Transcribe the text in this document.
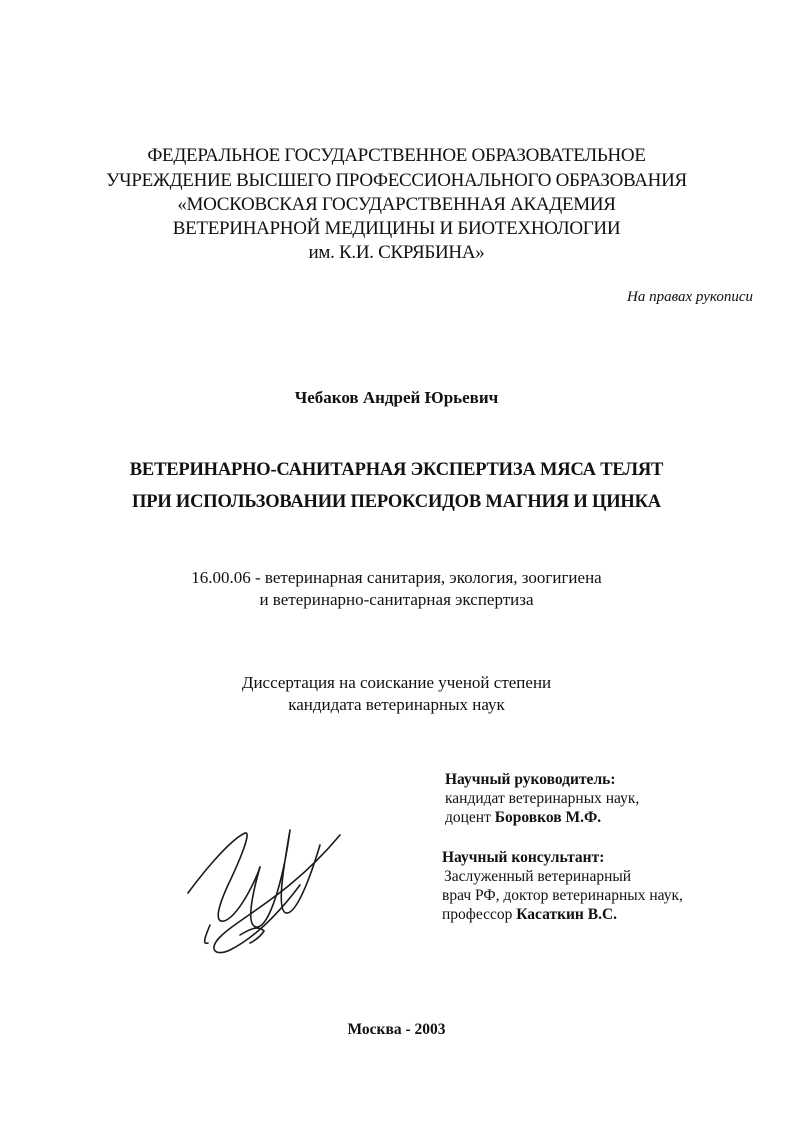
ФЕДЕРАЛЬНОЕ ГОСУДАРСТВЕННОЕ ОБРАЗОВАТЕЛЬНОЕ
УЧРЕЖДЕНИЕ ВЫСШЕГО ПРОФЕССИОНАЛЬНОГО ОБРАЗОВАНИЯ
«МОСКОВСКАЯ ГОСУДАРСТВЕННАЯ АКАДЕМИЯ
ВЕТЕРИНАРНОЙ МЕДИЦИНЫ И БИОТЕХНОЛОГИИ
им. К.И. СКРЯБИНА»
На правах рукописи
Чебаков Андрей Юрьевич
ВЕТЕРИНАРНО-САНИТАРНАЯ ЭКСПЕРТИЗА МЯСА ТЕЛЯТ
ПРИ ИСПОЛЬЗОВАНИИ ПЕРОКСИДОВ МАГНИЯ И ЦИНКА
16.00.06 - ветеринарная санитария, экология, зоогигиена
и ветеринарно-санитарная экспертиза
Диссертация на соискание ученой степени
кандидата ветеринарных наук
Научный руководитель:
кандидат ветеринарных наук,
доцент Боровков М.Ф.
Научный консультант:
Заслуженный ветеринарный
врач РФ, доктор ветеринарных наук,
профессор Касаткин В.С.
Москва - 2003
